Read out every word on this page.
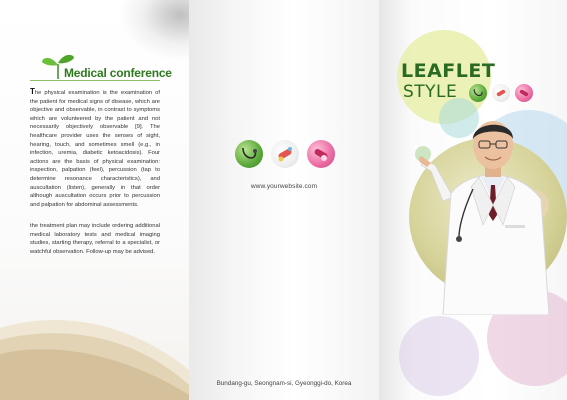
Medical conference

The physical examination is the examination of the patient for medical signs of disease, which are objective and observable, in contrast to symptoms which are volunteered by the patient and not necessarily objectively observable [9]. The healthcare provider uses the senses of sight, hearing, touch, and sometimes smell (e.g., in infection, uremia, diabetic ketoacidosis). Four actions are the basis of physical examination: inspection, palpation (feel), percussion (tap to determine resonance characteristics), and auscultation (listen), generally in that order although auscultation occurs prior to percussion and palpation for abdominal assessments.

the treatment plan may include ordering additional medical laboratory tests and medical imaging studies, starting therapy, referral to a specialist, or watchful observation. Follow-up may be advised.

www.yourwebsite.com
Bundang-gu, Seongnam-si, Gyeonggi-do, Korea
LEAFLET
STYLE
